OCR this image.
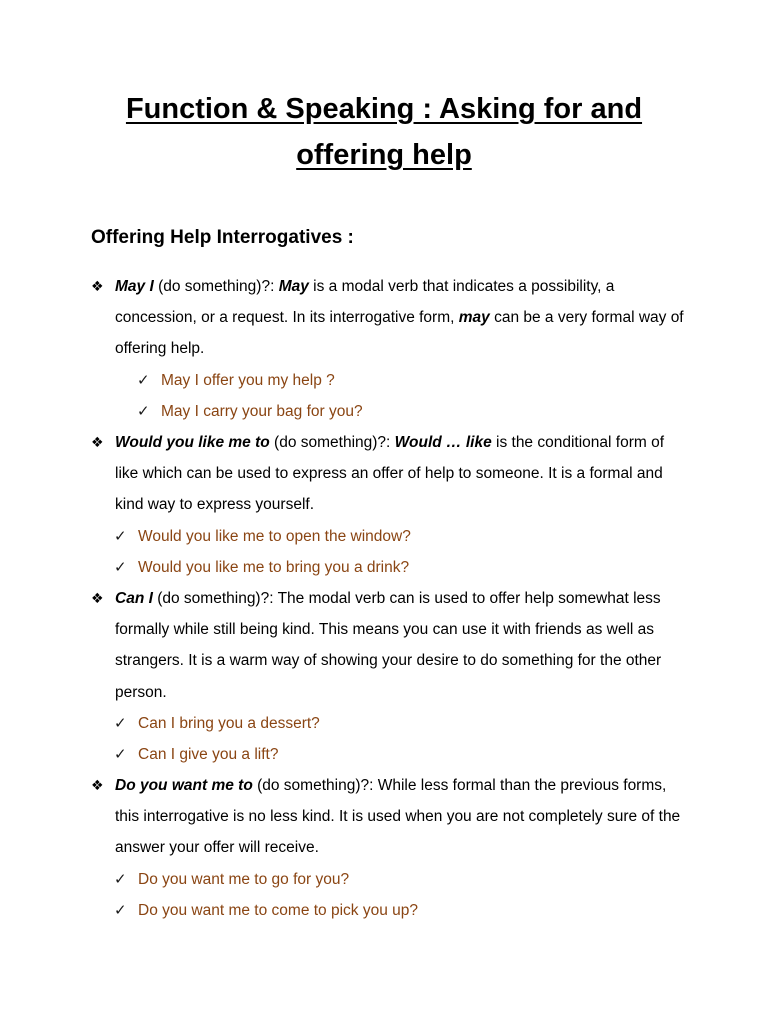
Function & Speaking : Asking for and
offering help
Offering Help Interrogatives :
❖ May I (do something)?: May is a modal verb that indicates a possibility, a concession, or a request. In its interrogative form, may can be a very formal way of offering help.
✓ May I offer you my help ?
✓ May I carry your bag for you?
❖ Would you like me to (do something)?: Would … like is the conditional form of like which can be used to express an offer of help to someone. It is a formal and kind way to express yourself.
✓ Would you like me to open the window?
✓ Would you like me to bring you a drink?
❖ Can I (do something)?: The modal verb can is used to offer help somewhat less formally while still being kind. This means you can use it with friends as well as strangers. It is a warm way of showing your desire to do something for the other person.
✓ Can I bring you a dessert?
✓ Can I give you a lift?
❖ Do you want me to (do something)?: While less formal than the previous forms, this interrogative is no less kind. It is used when you are not completely sure of the answer your offer will receive.
✓ Do you want me to go for you?
✓ Do you want me to come to pick you up?
